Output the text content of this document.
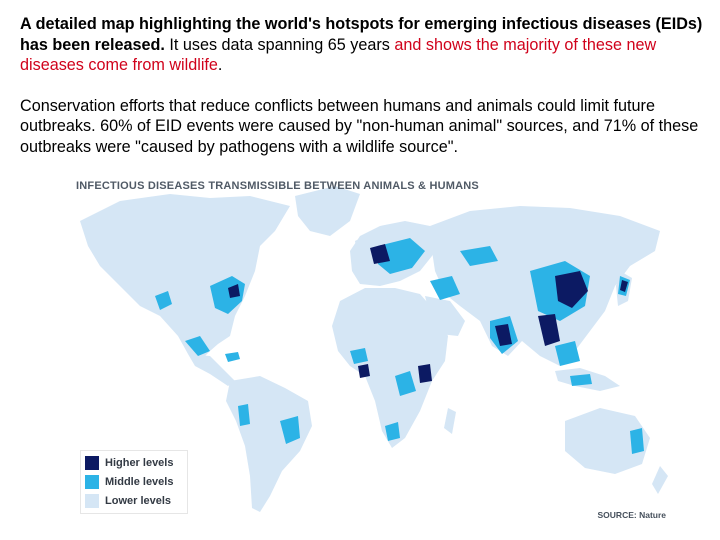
A detailed map highlighting the world's hotspots for emerging infectious diseases (EIDs) has been released. It uses data spanning 65 years and shows the majority of these new diseases come from wildlife.

Conservation efforts that reduce conflicts between humans and animals could limit future outbreaks. 60% of EID events were caused by "non-human animal" sources, and 71% of these outbreaks were "caused by pathogens with a wildlife source".

INFECTIOUS DISEASES TRANSMISSIBLE BETWEEN ANIMALS & HUMANS
Higher levels
Middle levels
Lower levels
SOURCE: Nature
